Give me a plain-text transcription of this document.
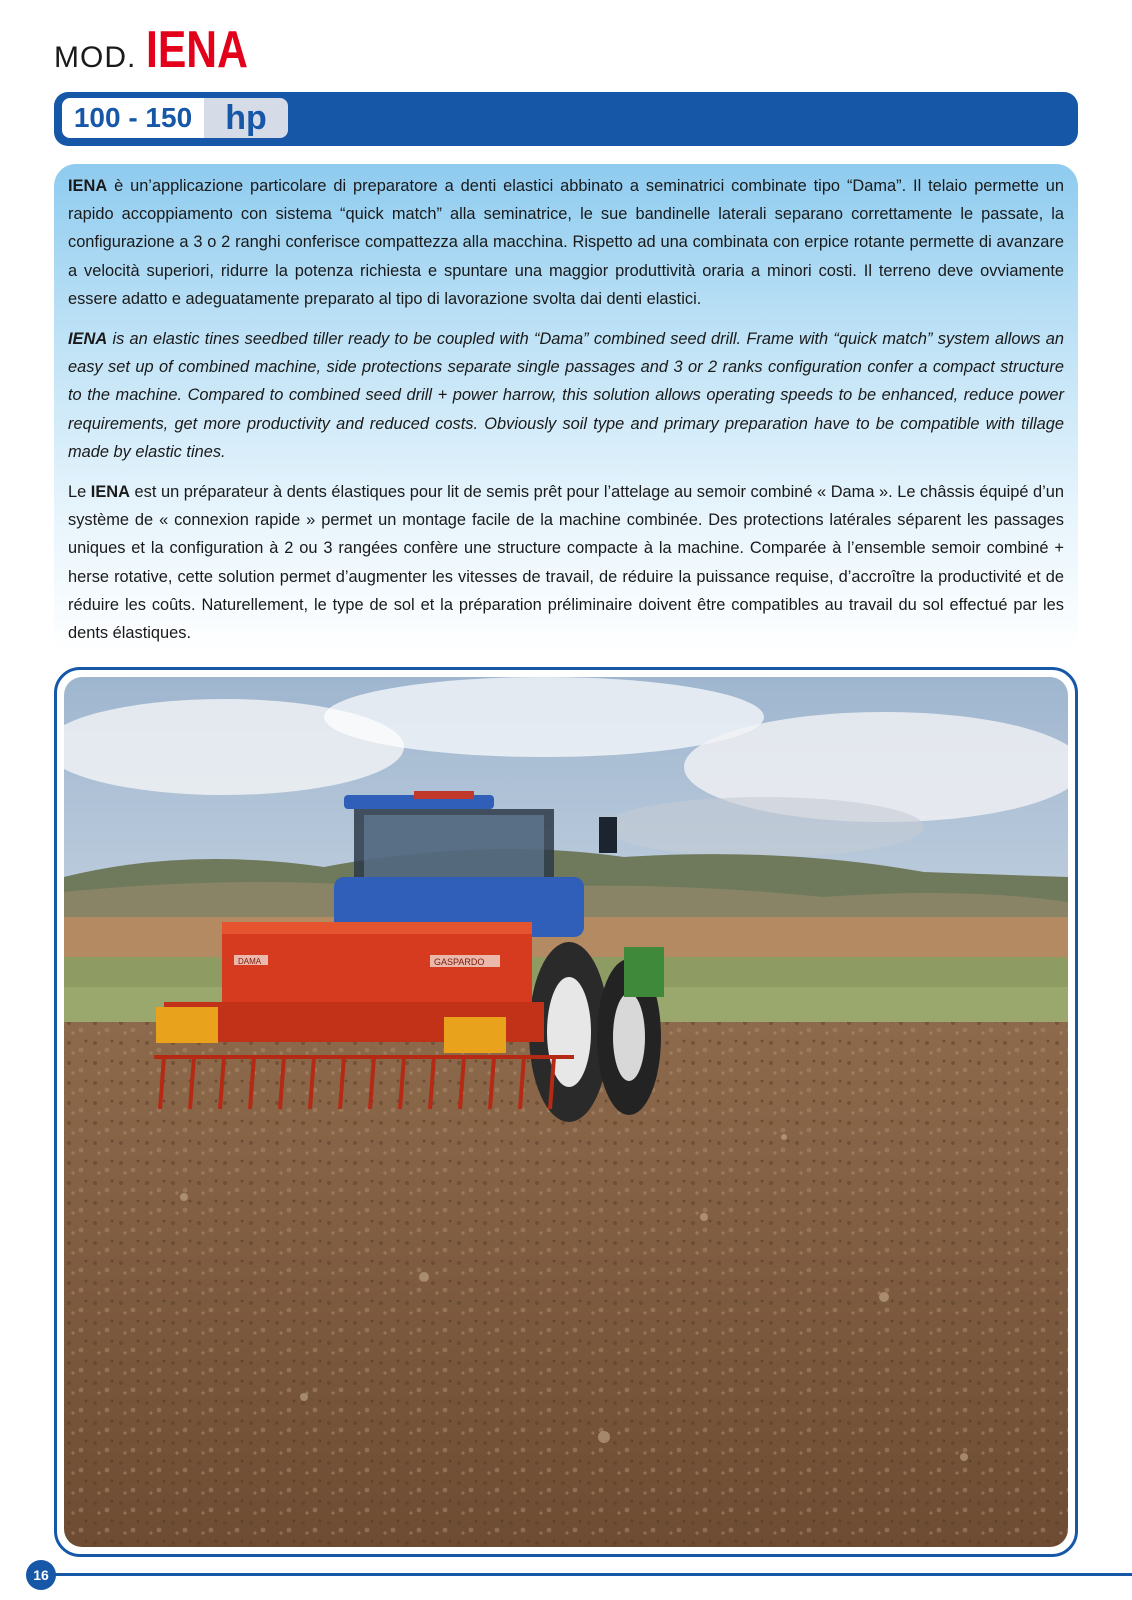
MOD. IENA
100 - 150 hp

IENA è un’applicazione particolare di preparatore a denti elastici abbinato a seminatrici combinate tipo “Dama”. Il telaio permette un rapido accoppiamento con sistema “quick match” alla seminatrice, le sue bandinelle laterali separano correttamente le passate, la configurazione a 3 o 2 ranghi conferisce compattezza alla macchina. Rispetto ad una combinata con erpice rotante permette di avanzare a velocità superiori, ridurre la potenza richiesta e spuntare una maggior produttività oraria a minori costi. Il terreno deve ovviamente essere adatto e adeguatamente preparato al tipo di lavorazione svolta dai denti elastici.

IENA is an elastic tines seedbed tiller ready to be coupled with “Dama” combined seed drill. Frame with “quick match” system allows an easy set up of combined machine, side protections separate single passages and 3 or 2 ranks configuration confer a compact structure to the machine. Compared to combined seed drill + power harrow, this solution allows operating speeds to be enhanced, reduce power requirements, get more productivity and reduced costs. Obviously soil type and primary preparation have to be compatible with tillage made by elastic tines.

Le IENA est un préparateur à dents élastiques pour lit de semis prêt pour l’attelage au semoir combiné « Dama ». Le châssis équipé d’un système de « connexion rapide » permet un montage facile de la machine combinée. Des protections latérales séparent les passages uniques et la configuration à 2 ou 3 rangées confère une structure compacte à la machine. Comparée à l’ensemble semoir combiné + herse rotative, cette solution permet d’augmenter les vitesses de travail, de réduire la puissance requise, d’accroître la productivité et de réduire les coûts. Naturellement, le type de sol et la préparation préliminaire doivent être compatibles au travail du sol effectué par les dents élastiques.

DAMA	GASPARDO
16
